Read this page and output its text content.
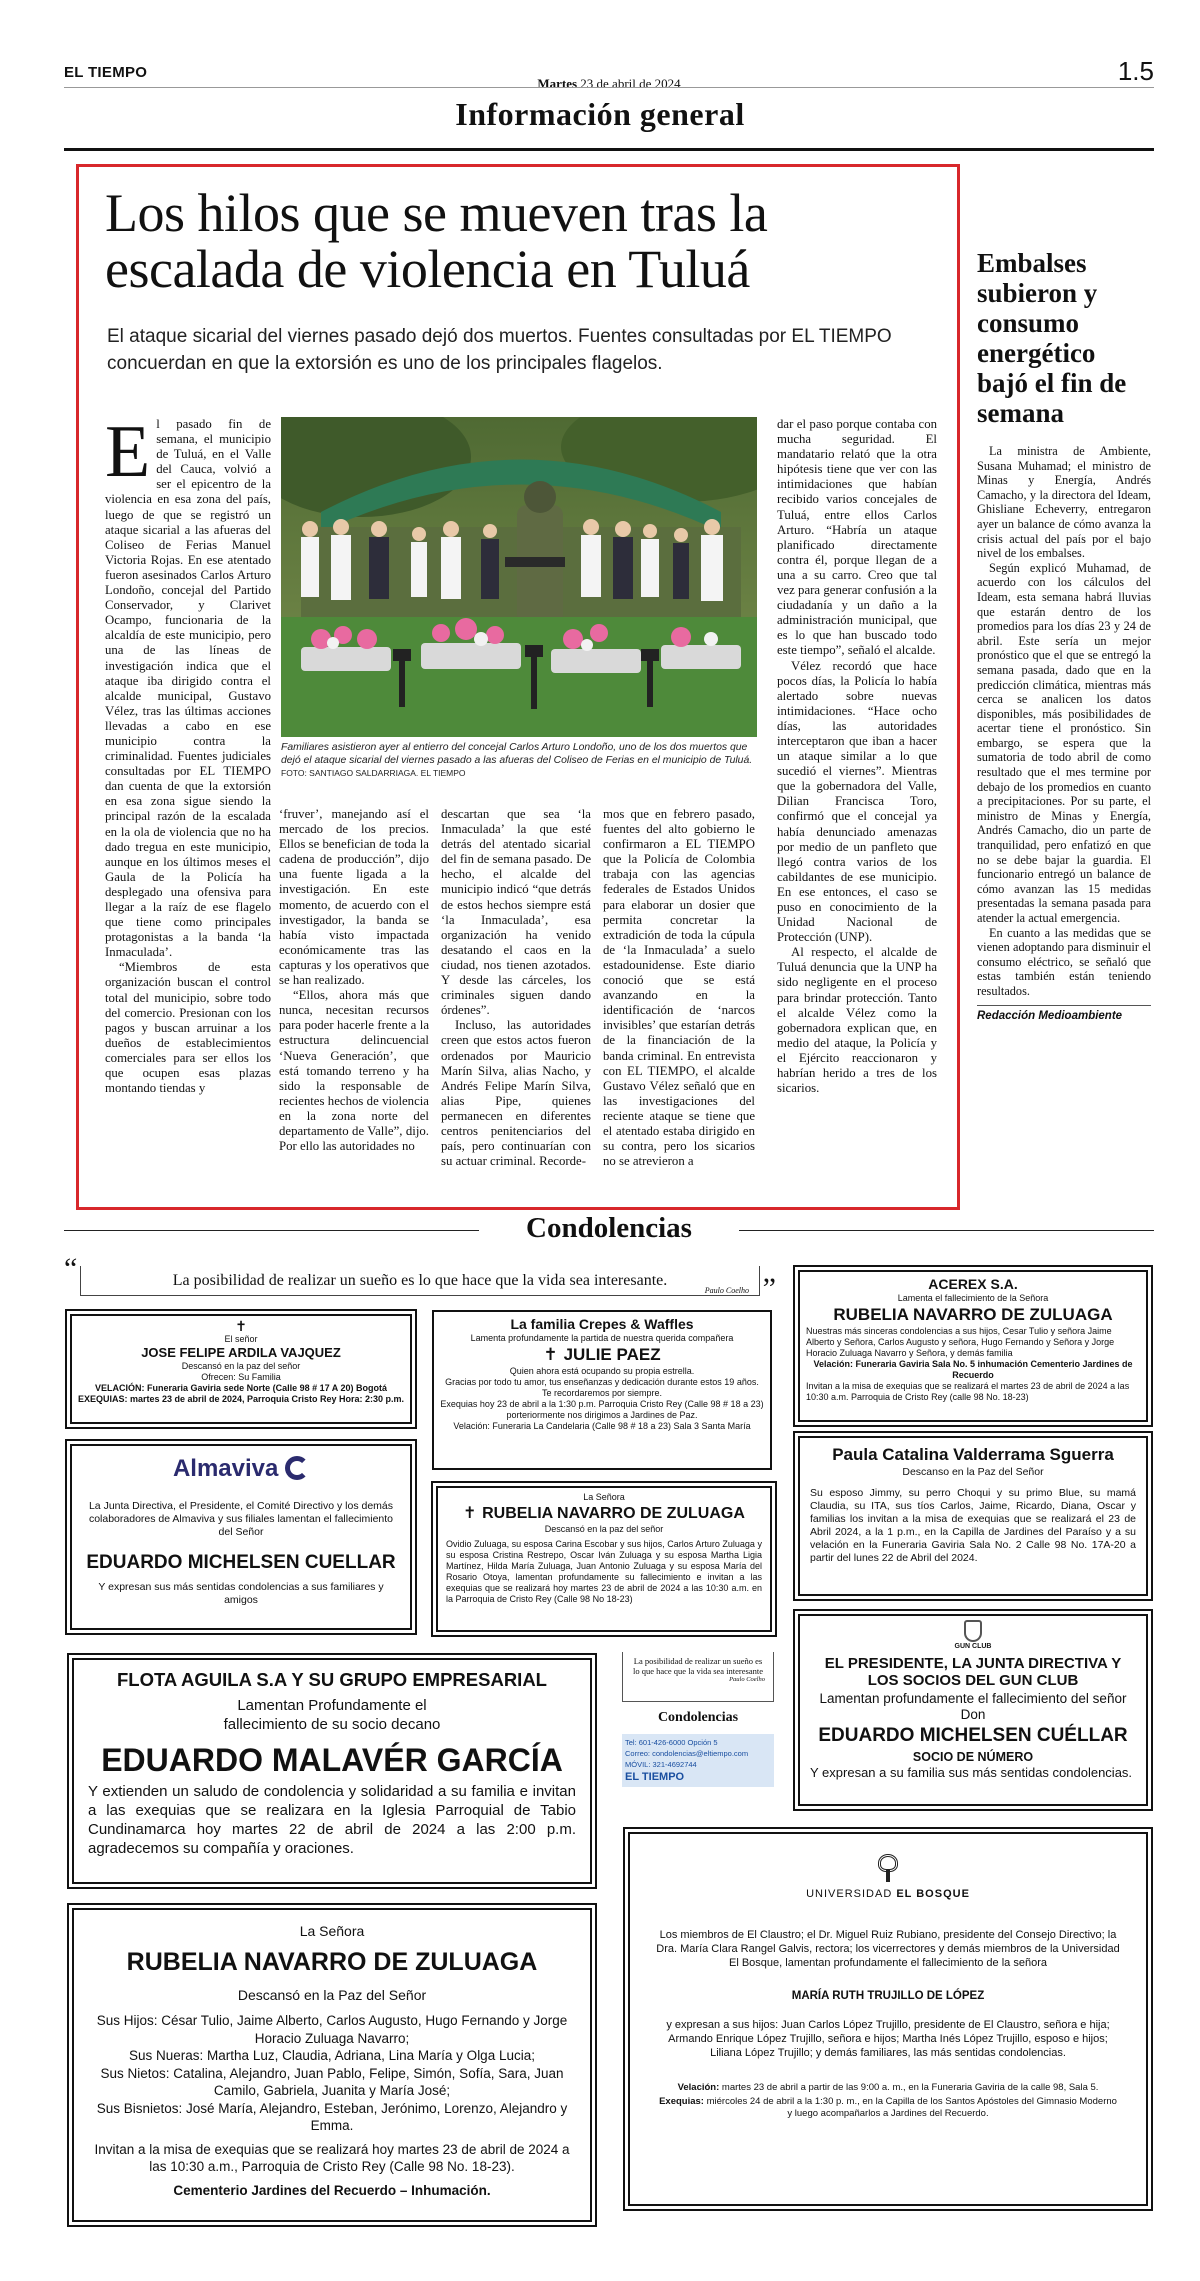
EL TIEMPO
Martes 23 de abril de 2024	1.5
Información general
Los hilos que se mueven tras la escalada de violencia en Tuluá
El ataque sicarial del viernes pasado dejó dos muertos. Fuentes consultadas por EL TIEMPO concuerdan en que la extorsión es uno de los principales flagelos.

El pasado fin de semana, el municipio de Tuluá, en el Valle del Cauca, volvió a ser el epicentro de la violencia en esa zona del país, luego de que se registró un ataque sicarial a las afueras del Coliseo de Ferias Manuel Victoria Rojas. En ese atentado fueron asesinados Carlos Arturo Londoño, concejal del Partido Conservador, y Clarivet Ocampo, funcionaria de la alcaldía de este municipio, pero una de las líneas de investigación indica que el ataque iba dirigido contra el alcalde municipal, Gustavo Vélez, tras las últimas acciones llevadas a cabo en ese municipio contra la criminalidad. Fuentes judiciales consultadas por EL TIEMPO dan cuenta de que la extorsión en esa zona sigue siendo la principal razón de la escalada en la ola de violencia que no ha dado tregua en este municipio, aunque en los últimos meses el Gaula de la Policía ha desplegado una ofensiva para llegar a la raíz de ese flagelo que tiene como principales protagonistas a la banda ‘la Inmaculada’.

“Miembros de esta organización buscan el control total del municipio, sobre todo del comercio. Presionan con los pagos y buscan arruinar a los dueños de establecimientos comerciales para ser ellos los que ocupen esas plazas montando tiendas y

Familiares asistieron ayer al entierro del concejal Carlos Arturo Londoño, uno de los dos muertos que dejó el ataque sicarial del viernes pasado a las afueras del Coliseo de Ferias en el municipio de Tuluá. FOTO: SANTIAGO SALDARRIAGA. EL TIEMPO

‘fruver’, manejando así el mercado de los precios. Ellos se benefician de toda la cadena de producción”, dijo una fuente ligada a la investigación. En este momento, de acuerdo con el investigador, la banda se había visto impactada económicamente tras las capturas y los operativos que se han realizado.

“Ellos, ahora más que nunca, necesitan recursos para poder hacerle frente a la estructura delincuencial ‘Nueva Generación’, que está tomando terreno y ha sido la responsable de recientes hechos de violencia en la zona norte del departamento de Valle”, dijo. Por ello las autoridades no

descartan que sea ‘la Inmaculada’ la que esté detrás del atentado sicarial del fin de semana pasado. De hecho, el alcalde del municipio indicó “que detrás de estos hechos siempre está ‘la Inmaculada’, esa organización ha venido desatando el caos en la ciudad, nos tienen azotados. Y desde las cárceles, los criminales siguen dando órdenes”.

Incluso, las autoridades creen que estos actos fueron ordenados por Mauricio Marín Silva, alias Nacho, y Andrés Felipe Marín Silva, alias Pipe, quienes permanecen en diferentes centros penitenciarios del país, pero continuarían con su actuar criminal. Recorde-

mos que en febrero pasado, fuentes del alto gobierno le confirmaron a EL TIEMPO que la Policía de Colombia trabaja con las agencias federales de Estados Unidos para elaborar un dosier que permita concretar la extradición de toda la cúpula de ‘la Inmaculada’ a suelo estadounidense. Este diario conoció que se está avanzando en la identificación de ‘narcos invisibles’ que estarían detrás de la financiación de la banda criminal. En entrevista con EL TIEMPO, el alcalde Gustavo Vélez señaló que en las investigaciones del reciente ataque se tiene que el atentado estaba dirigido en su contra, pero los sicarios no se atrevieron a

dar el paso porque contaba con mucha seguridad. El mandatario relató que la otra hipótesis tiene que ver con las intimidaciones que habían recibido varios concejales de Tuluá, entre ellos Carlos Arturo. “Habría un ataque planificado directamente contra él, porque llegan de a una a su carro. Creo que tal vez para generar confusión a la ciudadanía y un daño a la administración municipal, que es lo que han buscado todo este tiempo”, señaló el alcalde.

Vélez recordó que hace pocos días, la Policía lo había alertado sobre nuevas intimidaciones. “Hace ocho días, las autoridades interceptaron que iban a hacer un ataque similar a lo que sucedió el viernes”. Mientras que la gobernadora del Valle, Dilian Francisca Toro, confirmó que el concejal ya había denunciado amenazas por medio de un panfleto que llegó contra varios de los cabildantes de ese municipio. En ese entonces, el caso se puso en conocimiento de la Unidad Nacional de Protección (UNP).

Al respecto, el alcalde de Tuluá denuncia que la UNP ha sido negligente en el proceso para brindar protección. Tanto el alcalde Vélez como la gobernadora explican que, en medio del ataque, la Policía y el Ejército reaccionaron y habrían herido a tres de los sicarios.

Embalses subieron y consumo energético bajó el fin de semana

La ministra de Ambiente, Susana Muhamad; el ministro de Minas y Energía, Andrés Camacho, y la directora del Ideam, Ghisliane Echeverry, entregaron ayer un balance de cómo avanza la crisis actual del país por el bajo nivel de los embalses.

Según explicó Muhamad, de acuerdo con los cálculos del Ideam, esta semana habrá lluvias que estarán dentro de los promedios para los días 23 y 24 de abril. Este sería un mejor pronóstico que el que se entregó la semana pasada, dado que en la predicción climática, mientras más cerca se analicen los datos disponibles, más posibilidades de acertar tiene el pronóstico. Sin embargo, se espera que la sumatoria de todo abril de como resultado que el mes termine por debajo de los promedios en cuanto a precipitaciones. Por su parte, el ministro de Minas y Energía, Andrés Camacho, dio un parte de tranquilidad, pero enfatizó en que no se debe bajar la guardia. El funcionario entregó un balance de cómo avanzan las 15 medidas presentadas la semana pasada para atender la actual emergencia.

En cuanto a las medidas que se vienen adoptando para disminuir el consumo eléctrico, se señaló que estas también están teniendo resultados.

Redacción Medioambiente
Condolencias
“	La posibilidad de realizar un sueño es lo que hace que la vida sea interesante.
Paulo Coelho ”
✝
El señor
JOSE FELIPE ARDILA VAJQUEZ
Descansó en la paz del señor
Ofrecen: Su Familia
VELACIÓN: Funeraria Gaviria sede Norte (Calle 98 # 17 A 20) Bogotá
EXEQUIAS: martes 23 de abril de 2024, Parroquia Cristo Rey Hora: 2:30 p.m.
La familia Crepes & Waffles
Lamenta profundamente la partida de nuestra querida compañera
✝ JULIE PAEZ
Quien ahora está ocupando su propia estrella.
Gracias por todo tu amor, tus enseñanzas y dedicación durante estos 19 años.
Te recordaremos por siempre.
Exequias hoy 23 de abril a la 1:30 p.m. Parroquia Cristo Rey (Calle 98 # 18 a 23) porteriormente nos dirigimos a Jardines de Paz.
Velación: Funeraria La Candelaria (Calle 98 # 18 a 23) Sala 3 Santa María
ACEREX S.A.
Lamenta el fallecimiento de la Señora
RUBELIA NAVARRO DE ZULUAGA
Nuestras más sinceras condolencias a sus hijos, Cesar Tulio y señora Jaime Alberto y Señora, Carlos Augusto y señora, Hugo Fernando y Señora y Jorge Horacio Zuluaga Navarro y Señora, y demás familia
Velación: Funeraria Gaviria Sala No. 5 inhumación Cementerio Jardines de Recuerdo
Invitan a la misa de exequias que se realizará el martes 23 de abril de 2024 a las 10:30 a.m. Parroquia de Cristo Rey (calle 98 No. 18-23)
Almaviva
La Junta Directiva, el Presidente, el Comité Directivo y los demás colaboradores de Almaviva y sus filiales lamentan el fallecimiento del Señor
EDUARDO MICHELSEN CUELLAR
Y expresan sus más sentidas condolencias a sus familiares y amigos
La Señora
✝ RUBELIA NAVARRO DE ZULUAGA
Descansó en la paz del señor
Ovidio Zuluaga, su esposa Carina Escobar y sus hijos, Carlos Arturo Zuluaga y su esposa Cristina Restrepo, Oscar Iván Zuluaga y su esposa Martha Ligia Martínez, Hilda María Zuluaga, Juan Antonio Zuluaga y su esposa María del Rosario Otoya, lamentan profundamente su fallecimiento e invitan a las exequias que se realizará hoy martes 23 de abril de 2024 a las 10:30 a.m. en la Parroquia de Cristo Rey (Calle 98 No 18-23)
Paula Catalina Valderrama Sguerra
Descanso en la Paz del Señor
Su esposo Jimmy, su perro Choqui y su primo Blue, su mamá Claudia, su ITA, sus tíos Carlos, Jaime, Ricardo, Diana, Oscar y familias los invitan a la misa de exequias que se realizará el 23 de Abril 2024, a la 1 p.m., en la Capilla de Jardines del Paraíso y a su velación en la Funeraria Gaviria Sala No. 2 Calle 98 No. 17A-20 a partir del lunes 22 de Abril del 2024.
FLOTA AGUILA S.A Y SU GRUPO EMPRESARIAL
Lamentan Profundamente el fallecimiento de su socio decano
EDUARDO MALAVÉR GARCÍA
Y extienden un saludo de condolencia y solidaridad a su familia e invitan a las exequias que se realizara en la Iglesia Parroquial de Tabio Cundinamarca hoy martes 22 de abril de 2024 a las 2:00 p.m. agradecemos su compañía y oraciones.
La posibilidad de realizar un sueño es lo que hace que la vida sea interesante
Paulo Coelho
Condolencias
Tel: 601-426-6000 Opción 5
Correo: condolencias@eltiempo.com
MÓVIL: 321-4692744
EL TIEMPO
GUN CLUB
EL PRESIDENTE, LA JUNTA DIRECTIVA Y LOS SOCIOS DEL GUN CLUB
Lamentan profundamente el fallecimiento del señor Don
EDUARDO MICHELSEN CUÉLLAR
SOCIO DE NÚMERO
Y expresan a su familia sus más sentidas condolencias.
La Señora
RUBELIA NAVARRO DE ZULUAGA
Descansó en la Paz del Señor
Sus Hijos: César Tulio, Jaime Alberto, Carlos Augusto, Hugo Fernando y Jorge Horacio Zuluaga Navarro;
Sus Nueras: Martha Luz, Claudia, Adriana, Lina María y Olga Lucia;
Sus Nietos: Catalina, Alejandro, Juan Pablo, Felipe, Simón, Sofía, Sara, Juan Camilo, Gabriela, Juanita y María José;
Sus Bisnietos: José María, Alejandro, Esteban, Jerónimo, Lorenzo, Alejandro y Emma.
Invitan a la misa de exequias que se realizará hoy martes 23 de abril de 2024 a las 10:30 a.m., Parroquia de Cristo Rey (Calle 98 No. 18-23).
Cementerio Jardines del Recuerdo – Inhumación.
UNIVERSIDAD EL BOSQUE
Los miembros de El Claustro; el Dr. Miguel Ruiz Rubiano, presidente del Consejo Directivo; la Dra. María Clara Rangel Galvis, rectora; los vicerrectores y demás miembros de la Universidad El Bosque, lamentan profundamente el fallecimiento de la señora
MARÍA RUTH TRUJILLO DE LÓPEZ
y expresan a sus hijos: Juan Carlos López Trujillo, presidente de El Claustro, señora e hija; Armando Enrique López Trujillo, señora e hijos; Martha Inés López Trujillo, esposo e hijos; Liliana López Trujillo; y demás familiares, las más sentidas condolencias.
Velación: martes 23 de abril a partir de las 9:00 a. m., en la Funeraria Gaviria de la calle 98, Sala 5.
Exequias: miércoles 24 de abril a la 1:30 p. m., en la Capilla de los Santos Apóstoles del Gimnasio Moderno y luego acompañarlos a Jardines del Recuerdo.
